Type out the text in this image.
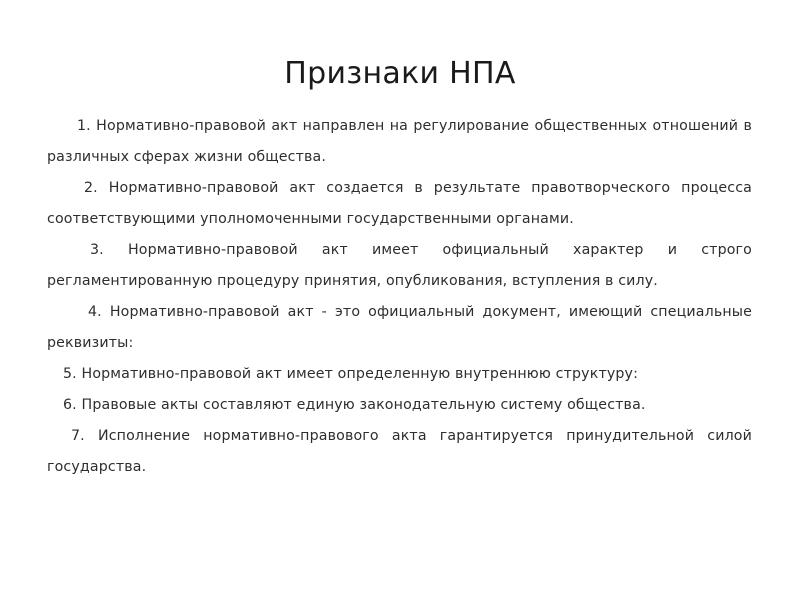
Признаки НПА

1. Нормативно-правовой акт направлен на регулирование общественных отношений в различных сферах жизни общества.

2. Нормативно-правовой акт создается в результате правотворческого процесса соответствующими уполномоченными государственными органами.

3. Нормативно-правовой акт имеет официальный характер и строго регламентированную процедуру принятия, опубликования, вступления в силу.

4. Нормативно-правовой акт - это официальный документ, имеющий специальные реквизиты:

5. Нормативно-правовой акт имеет определенную внутреннюю структуру:

6. Правовые акты составляют единую законодательную систему общества.

7. Исполнение нормативно-правового акта гарантируется принудительной силой государства.
